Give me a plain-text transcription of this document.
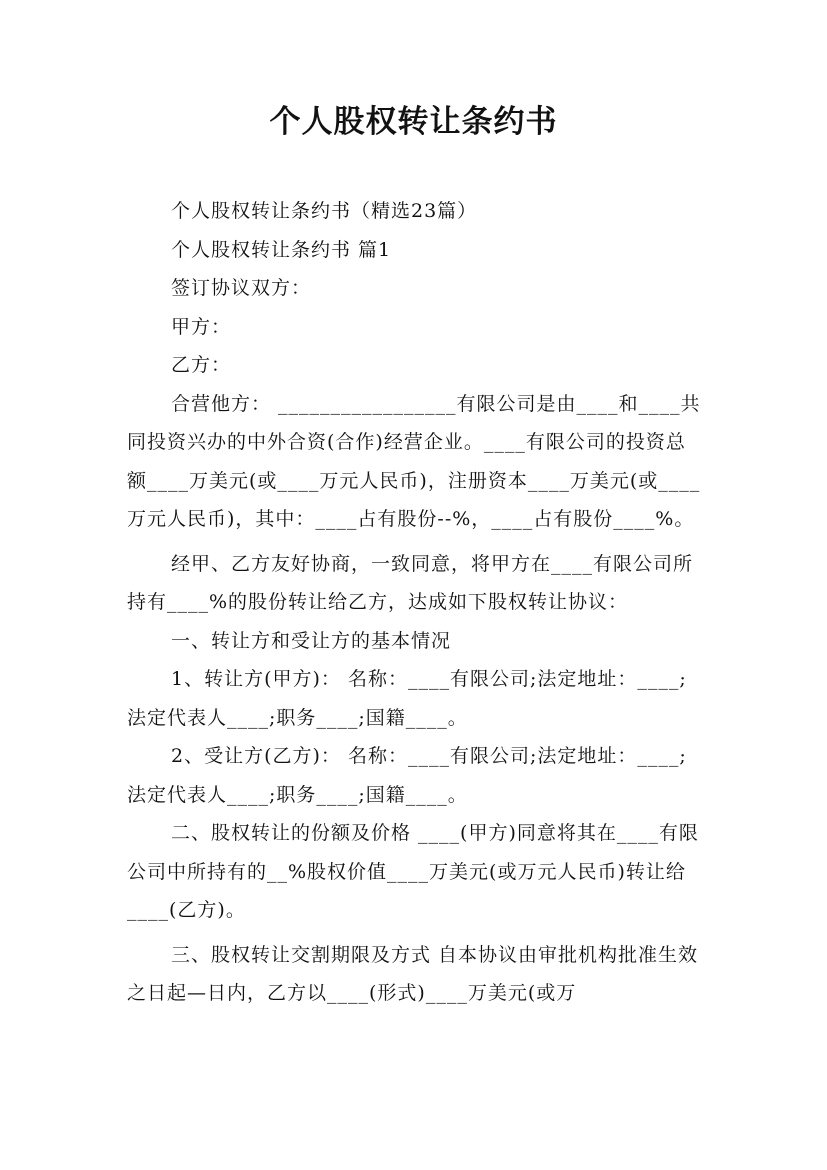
个人股权转让条约书

个人股权转让条约书（精选23篇）

个人股权转让条约书 篇1

签订协议双方：

甲方：

乙方：

合营他方： _________________有限公司是由____和____共同投资兴办的中外合资(合作)经营企业。____有限公司的投资总额____万美元(或____万元人民币)，注册资本____万美元(或____万元人民币)，其中：____占有股份--%，____占有股份____%。

经甲、乙方友好协商，一致同意，将甲方在____有限公司所持有____%的股份转让给乙方，达成如下股权转让协议：

一、转让方和受让方的基本情况

1、转让方(甲方)： 名称：____有限公司;法定地址：____;法定代表人____;职务____;国籍____。

2、受让方(乙方)： 名称：____有限公司;法定地址：____;法定代表人____;职务____;国籍____。

二、股权转让的份额及价格 ____(甲方)同意将其在____有限公司中所持有的__%股权价值____万美元(或万元人民币)转让给____(乙方)。

三、股权转让交割期限及方式 自本协议由审批机构批准生效之日起—日内，乙方以____(形式)____万美元(或万
